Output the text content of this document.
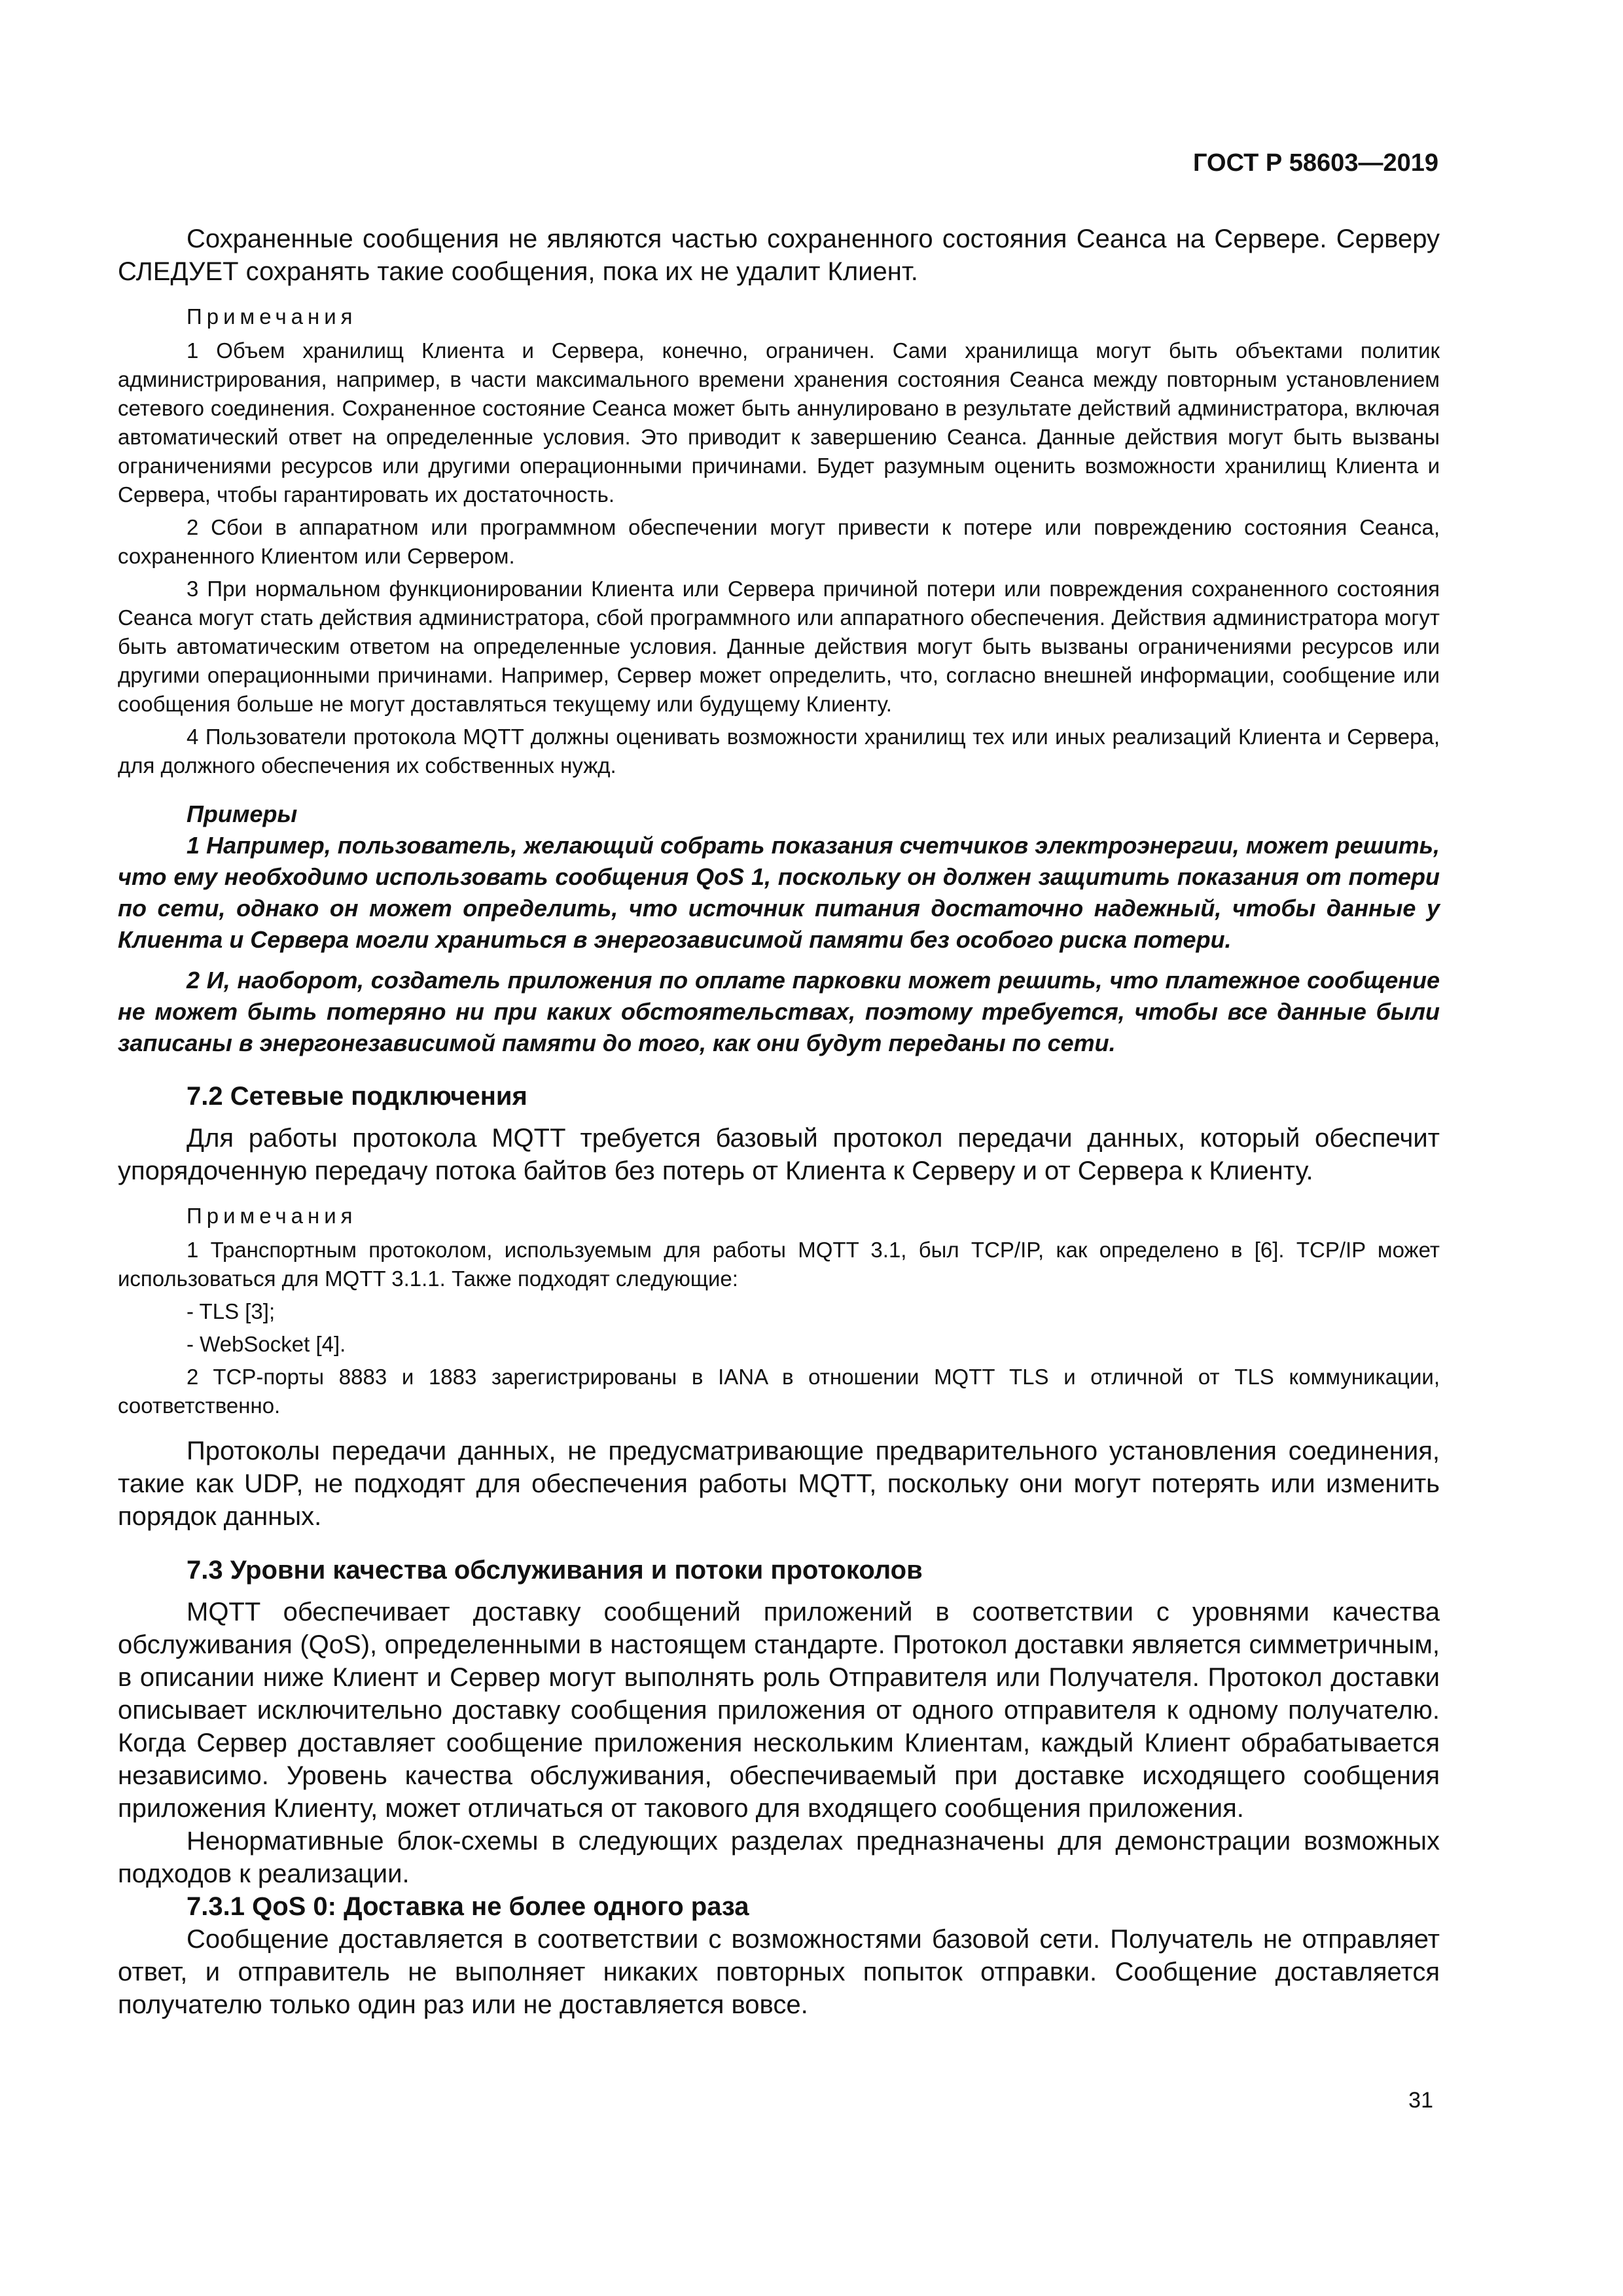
ГОСТ Р 58603—2019

Сохраненные сообщения не являются частью сохраненного состояния Сеанса на Сервере. Серверу СЛЕДУЕТ сохранять такие сообщения, пока их не удалит Клиент.

Примечания

1 Объем хранилищ Клиента и Сервера, конечно, ограничен. Сами хранилища могут быть объектами политик администрирования, например, в части максимального времени хранения состояния Сеанса между повторным установлением сетевого соединения. Сохраненное состояние Сеанса может быть аннулировано в результате действий администратора, включая автоматический ответ на определенные условия. Это приводит к завершению Сеанса. Данные действия могут быть вызваны ограничениями ресурсов или другими операционными причинами. Будет разумным оценить возможности хранилищ Клиента и Сервера, чтобы гарантировать их достаточность.

2 Сбои в аппаратном или программном обеспечении могут привести к потере или повреждению состояния Сеанса, сохраненного Клиентом или Сервером.

3 При нормальном функционировании Клиента или Сервера причиной потери или повреждения сохраненного состояния Сеанса могут стать действия администратора, сбой программного или аппаратного обеспечения. Действия администратора могут быть автоматическим ответом на определенные условия. Данные действия могут быть вызваны ограничениями ресурсов или другими операционными причинами. Например, Сервер может определить, что, согласно внешней информации, сообщение или сообщения больше не могут доставляться текущему или будущему Клиенту.

4 Пользователи протокола MQTT должны оценивать возможности хранилищ тех или иных реализаций Клиента и Сервера, для должного обеспечения их собственных нужд.

Примеры

1 Например, пользователь, желающий собрать показания счетчиков электроэнергии, может решить, что ему необходимо использовать сообщения QoS 1, поскольку он должен защитить показания от потери по сети, однако он может определить, что источник питания достаточно надежный, чтобы данные у Клиента и Сервера могли храниться в энергозависимой памяти без особого риска потери.

2 И, наоборот, создатель приложения по оплате парковки может решить, что платежное сообщение не может быть потеряно ни при каких обстоятельствах, поэтому требуется, чтобы все данные были записаны в энергонезависимой памяти до того, как они будут переданы по сети.

7.2 Сетевые подключения

Для работы протокола MQTT требуется базовый протокол передачи данных, который обеспечит упорядоченную передачу потока байтов без потерь от Клиента к Серверу и от Сервера к Клиенту.

Примечания

1 Транспортным протоколом, используемым для работы MQTT 3.1, был TCP/IP, как определено в [6]. TCP/IP может использоваться для MQTT 3.1.1. Также подходят следующие:

- TLS [3];

- WebSocket [4].

2 TCP-порты 8883 и 1883 зарегистрированы в IANA в отношении MQTT TLS и отличной от TLS коммуникации, соответственно.

Протоколы передачи данных, не предусматривающие предварительного установления соединения, такие как UDP, не подходят для обеспечения работы MQTT, поскольку они могут потерять или изменить порядок данных.

7.3 Уровни качества обслуживания и потоки протоколов

MQTT обеспечивает доставку сообщений приложений в соответствии с уровнями качества обслуживания (QoS), определенными в настоящем стандарте. Протокол доставки является симметричным, в описании ниже Клиент и Сервер могут выполнять роль Отправителя или Получателя. Протокол доставки описывает исключительно доставку сообщения приложения от одного отправителя к одному получателю. Когда Сервер доставляет сообщение приложения нескольким Клиентам, каждый Клиент обрабатывается независимо. Уровень качества обслуживания, обеспечиваемый при доставке исходящего сообщения приложения Клиенту, может отличаться от такового для входящего сообщения приложения.

Ненормативные блок-схемы в следующих разделах предназначены для демонстрации возможных подходов к реализации.

7.3.1 QoS 0: Доставка не более одного раза

Сообщение доставляется в соответствии с возможностями базовой сети. Получатель не отправляет ответ, и отправитель не выполняет никаких повторных попыток отправки. Сообщение доставляется получателю только один раз или не доставляется вовсе.

31
